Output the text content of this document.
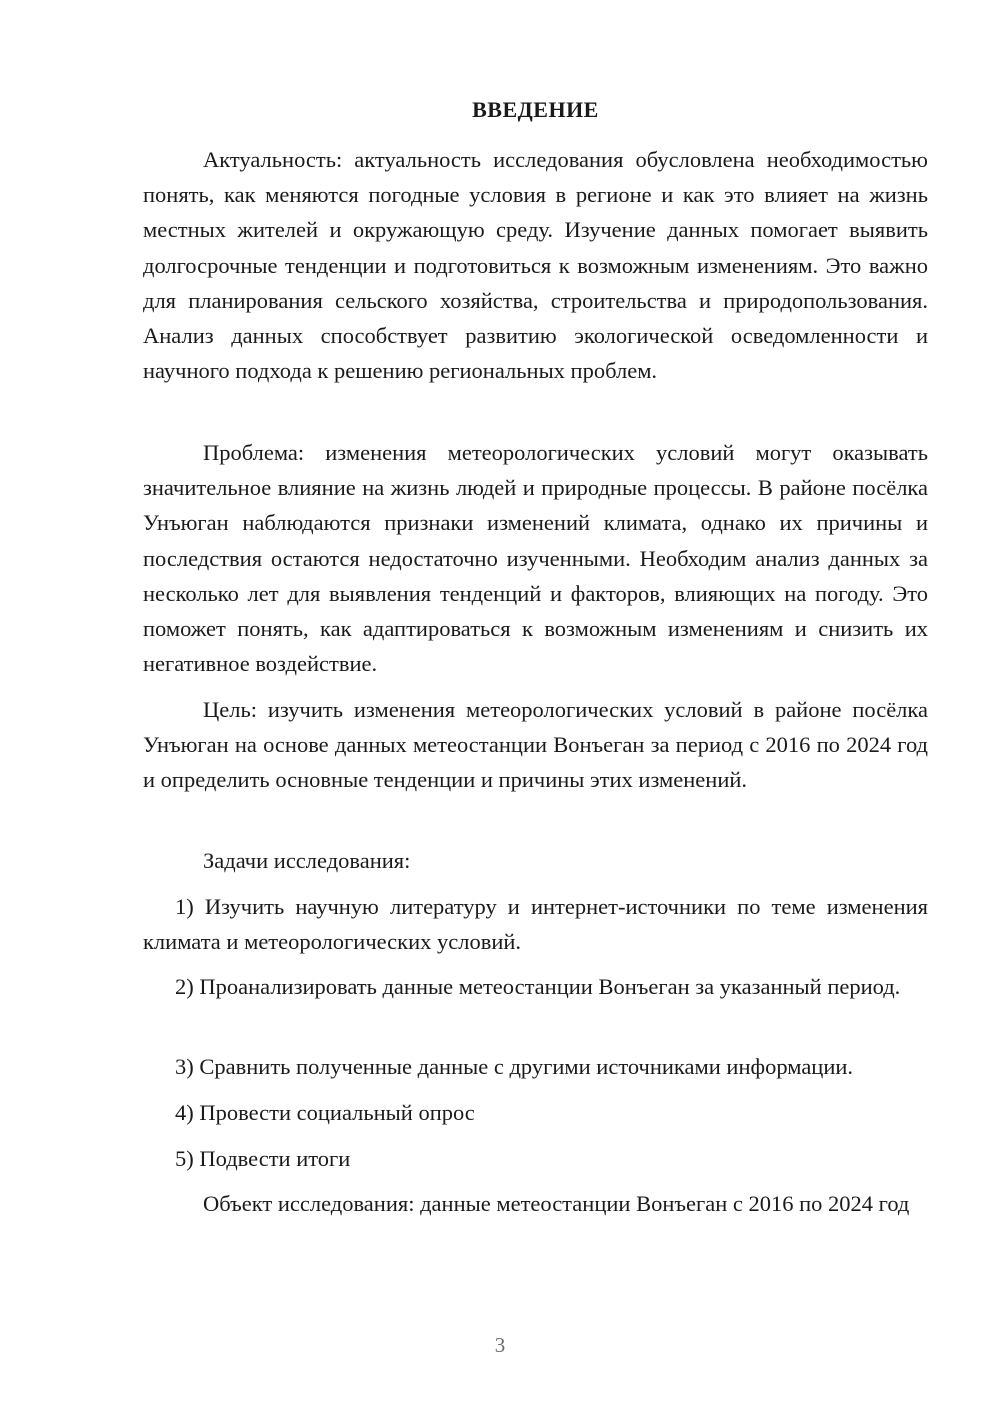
ВВЕДЕНИЕ

Актуальность: актуальность исследования обусловлена необходимостью понять, как меняются погодные условия в регионе и как это влияет на жизнь местных жителей и окружающую среду. Изучение данных помогает выявить долгосрочные тенденции и подготовиться к возможным изменениям. Это важно для планирования сельского хозяйства, строительства и природопользования. Анализ данных способствует развитию экологической осведомленности и научного подхода к решению региональных проблем.

Проблема: изменения метеорологических условий могут оказывать значительное влияние на жизнь людей и природные процессы. В районе посёлка Унъюган наблюдаются признаки изменений климата, однако их причины и последствия остаются недостаточно изученными. Необходим анализ данных за несколько лет для выявления тенденций и факторов, влияющих на погоду. Это поможет понять, как адаптироваться к возможным изменениям и снизить их негативное воздействие.

Цель: изучить изменения метеорологических условий в районе посёлка Унъюган на основе данных метеостанции Вонъеган за период с 2016 по 2024 год и определить основные тенденции и причины этих изменений.

Задачи исследования:

1) Изучить научную литературу и интернет-источники по теме изменения климата и метеорологических условий.

2) Проанализировать данные метеостанции Вонъеган за указанный период.

3) Сравнить полученные данные с другими источниками информации.

4) Провести социальный опрос

5) Подвести итоги

Объект исследования: данные метеостанции Вонъеган с 2016 по 2024 год

3
